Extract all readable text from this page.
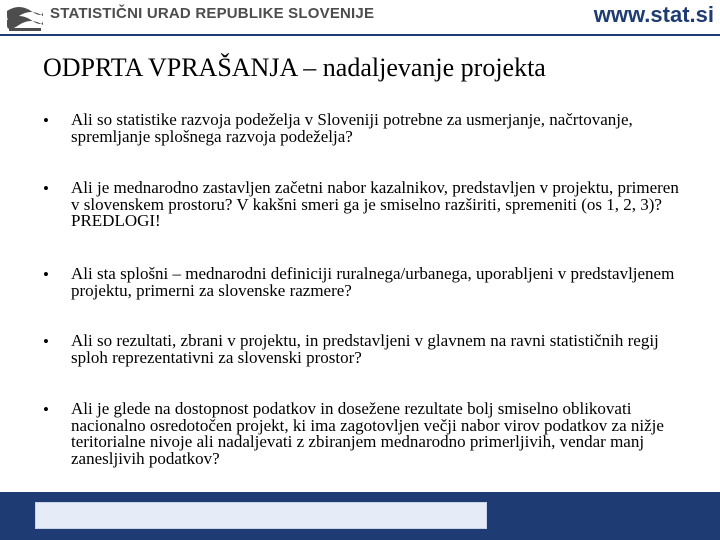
STATISTIČNI URAD REPUBLIKE SLOVENIJE	www.stat.si
ODPRTA VPRAŠANJA – nadaljevanje projekta
• Ali so statistike razvoja podeželja v Sloveniji potrebne za usmerjanje, načrtovanje, spremljanje splošnega razvoja podeželja?
• Ali je mednarodno zastavljen začetni nabor kazalnikov, predstavljen v projektu, primeren v slovenskem prostoru? V kakšni smeri ga je smiselno razširiti, spremeniti (os 1, 2, 3)? PREDLOGI!
• Ali sta splošni – mednarodni definiciji ruralnega/urbanega, uporabljeni v predstavljenem projektu, primerni za slovenske razmere?
• Ali so rezultati, zbrani v projektu, in predstavljeni v glavnem na ravni statističnih regij sploh reprezentativni za slovenski prostor?
• Ali je glede na dostopnost podatkov in dosežene rezultate bolj smiselno oblikovati nacionalno osredotočen projekt, ki ima zagotovljen večji nabor virov podatkov za nižje teritorialne nivoje ali nadaljevati z zbiranjem mednarodno primerljivih, vendar manj zanesljivih podatkov?
